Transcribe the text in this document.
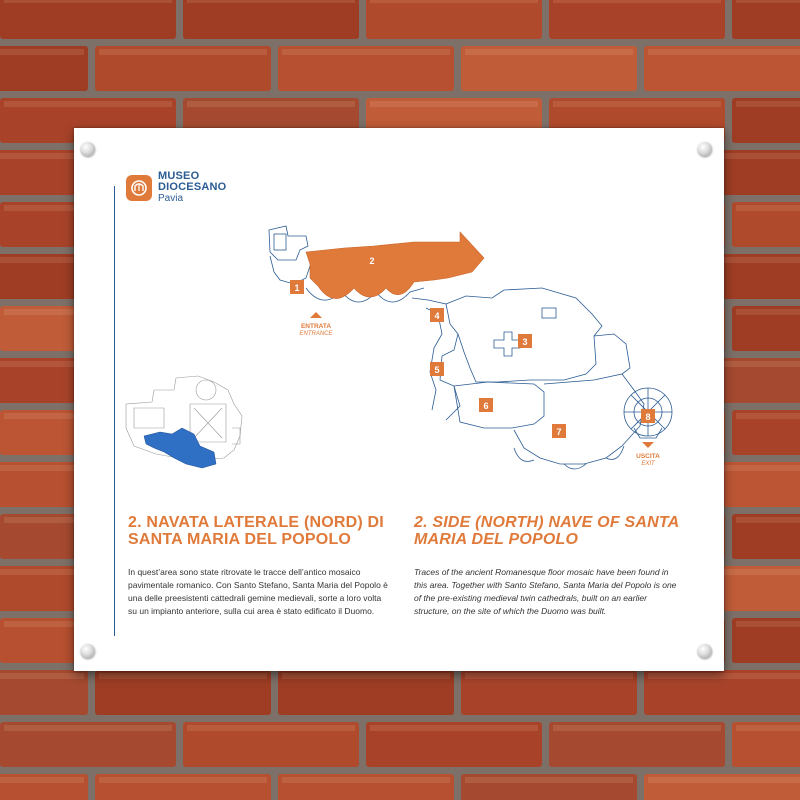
MUSEO
DIOCESANO
Pavia
1
2
3
4
5
6
7
8
ENTRATA
ENTRANCE
USCITA
EXIT
2. NAVATA LATERALE (NORD) DI SANTA MARIA DEL POPOLO
2. SIDE (NORTH) NAVE OF SANTA MARIA DEL POPOLO
In quest’area sono state ritrovate le tracce dell’antico mosaico pavimentale romanico. Con Santo Stefano, Santa Maria del Popolo è una delle preesistenti cattedrali gemine medievali, sorte a loro volta su un impianto anteriore, sulla cui area è stato edificato il Duomo.
Traces of the ancient Romanesque floor mosaic have been found in this area. Together with Santo Stefano, Santa Maria del Popolo is one of the pre-existing medieval twin cathedrals, built on an earlier structure, on the site of which the Duomo was built.
